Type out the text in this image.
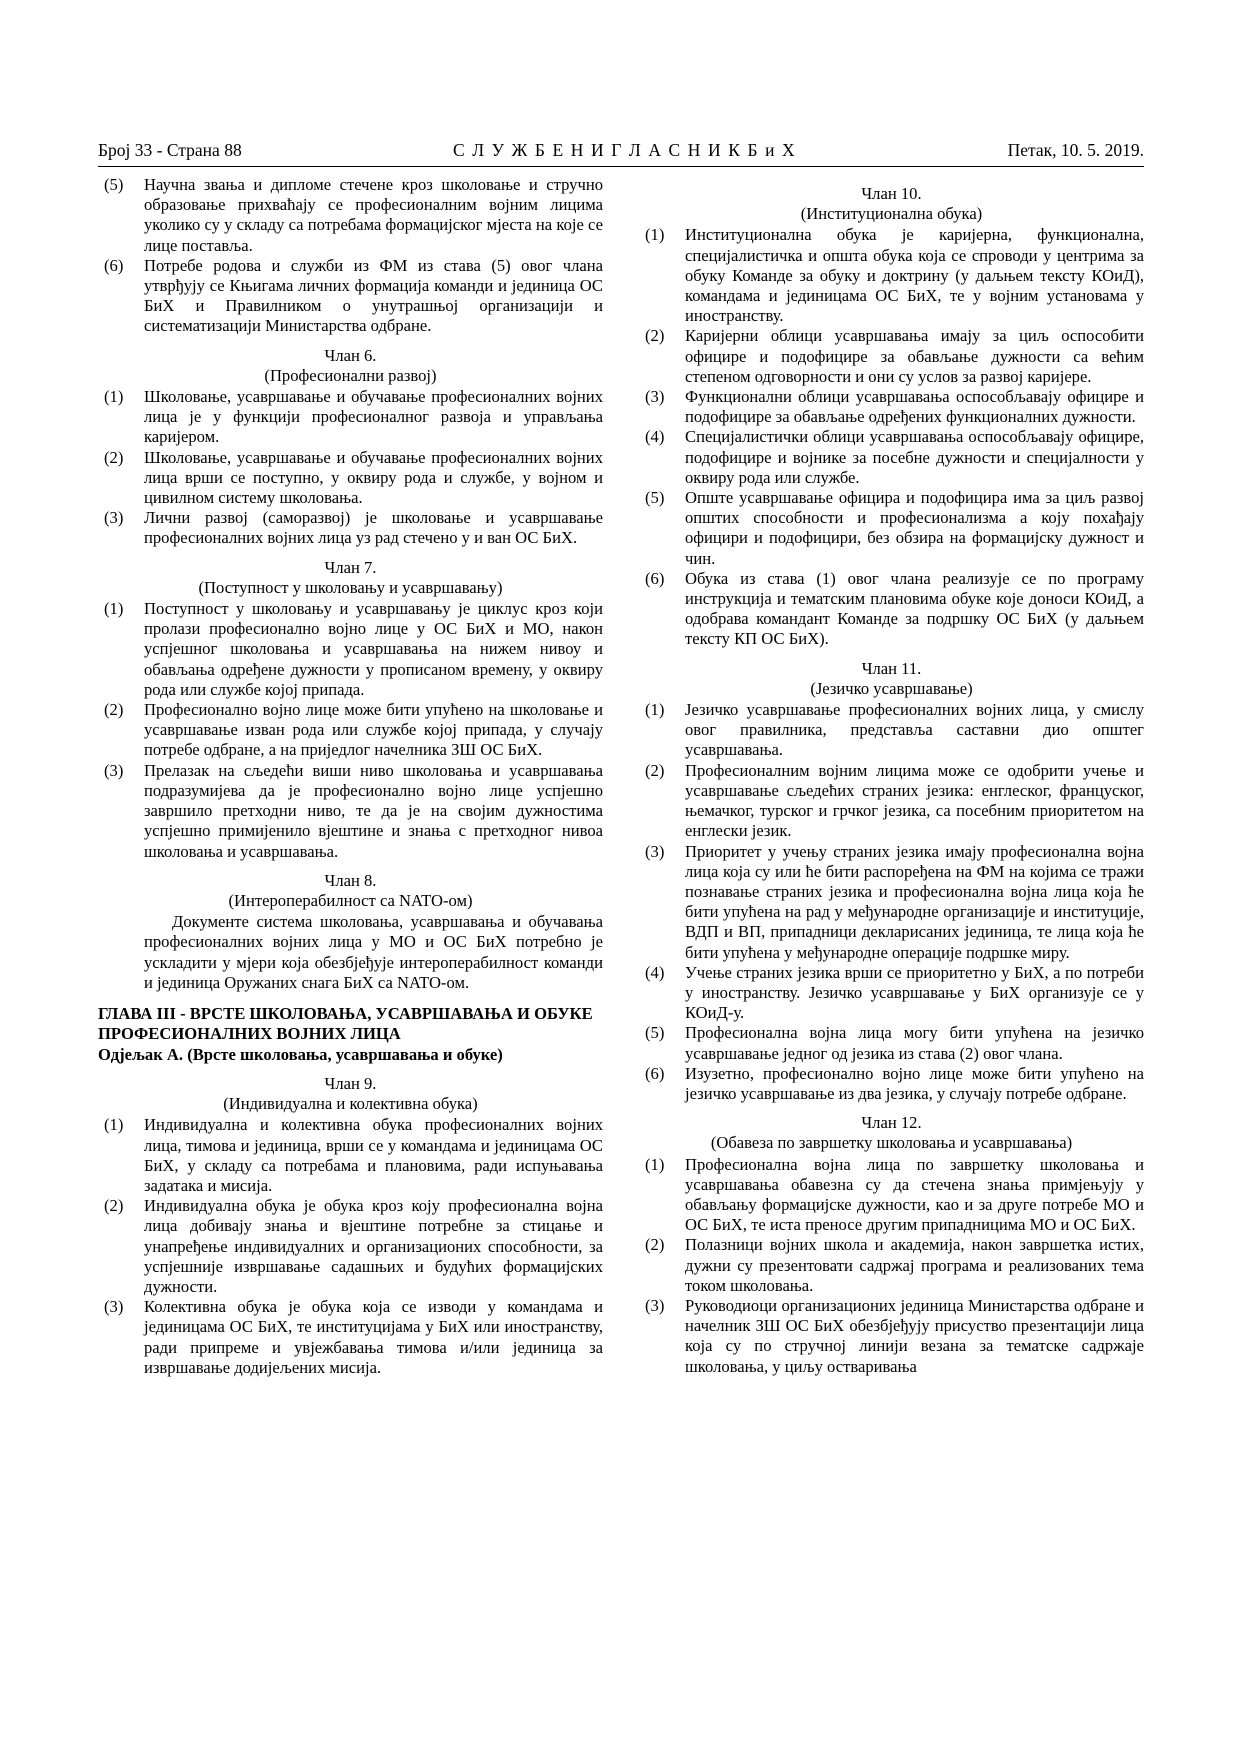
Број 33 - Страна 88	С Л У Ж Б Е Н И Г Л А С Н И К Б и Х	Петак, 10. 5. 2019.
(5)	Научна звања и дипломе стечене кроз школовање и стручно образовање прихваћају се професионалним војним лицима уколико су у складу са потребама формацијског мјеста на које се лице поставља.
(6)	Потребе родова и служби из ФМ из става (5) овог члана утврђују се Књигама личних формација команди и јединица ОС БиХ и Правилником о унутрашњој организацији и систематизацији Министарства одбране.
Члан 6.
(Професионални развој)
(1)	Школовање, усавршавање и обучавање професионалних војних лица је у функцији професионалног развоја и управљања каријером.
(2)	Школовање, усавршавање и обучавање професионалних војних лица врши се поступно, у оквиру рода и службе, у војном и цивилном систему школовања.
(3)	Лични развој (саморазвој) је школовање и усавршавање професионалних војних лица уз рад стечено у и ван ОС БиХ.
Члан 7.
(Поступност у школовању и усавршавању)
(1)	Поступност у школовању и усавршавању је циклус кроз који пролази професионално војно лице у ОС БиХ и МО, након успјешног школовања и усавршавања на нижем нивоу и обављања одређене дужности у прописаном времену, у оквиру рода или службе којој припада.
(2)	Професионално војно лице може бити упућено на школовање и усавршавање изван рода или службе којој припада, у случају потребе одбране, а на приједлог начелника ЗШ ОС БиХ.
(3)	Прелазак на сљедећи виши ниво школовања и усавршавања подразумијева да је професионално војно лице успјешно завршило претходни ниво, те да је на својим дужностима успјешно примијенило вјештине и знања с претходног нивоа школовања и усавршавања.
Члан 8.
(Интероперабилност са NATO-ом)
Документе система школовања, усавршавања и обучавања професионалних војних лица у МО и ОС БиХ потребно је ускладити у мјери која обезбјеђује интероперабилност команди и јединица Оружаних снага БиХ са NATO-ом.
ГЛАВА III - ВРСТЕ ШКОЛОВАЊА, УСАВРШАВАЊА И ОБУКЕ ПРОФЕСИОНАЛНИХ ВОЈНИХ ЛИЦА
Одјељак А. (Врсте школовања, усавршавања и обуке)
Члан 9.
(Индивидуална и колективна обука)
(1)	Индивидуална и колективна обука професионалних војних лица, тимова и јединица, врши се у командама и јединицама ОС БиХ, у складу са потребама и плановима, ради испуњавања задатака и мисија.
(2)	Индивидуална обука је обука кроз коју професионална војна лица добивају знања и вјештине потребне за стицање и унапређење индивидуалних и организационих способности, за успјешније извршавање садашњих и будућих формацијских дужности.
(3)	Колективна обука је обука која се изводи у командама и јединицама ОС БиХ, те институцијама у БиХ или иностранству, ради припреме и увјежбавања тимова и/или јединица за извршавање додијељених мисија.
Члан 10.
(Институционална обука)
(1)	Институционална обука је каријерна, функционална, специјалистичка и општа обука која се спроводи у центрима за обуку Команде за обуку и доктрину (у даљњем тексту КОиД), командама и јединицама ОС БиХ, те у војним установама у иностранству.
(2)	Каријерни облици усавршавања имају за циљ оспособити официре и подофицире за обављање дужности са већим степеном одговорности и они су услов за развој каријере.
(3)	Функционални облици усавршавања оспособљавају официре и подофицире за обављање одређених функционалних дужности.
(4)	Специјалистички облици усавршавања оспособљавају официре, подофицире и војнике за посебне дужности и специјалности у оквиру рода или службе.
(5)	Опште усавршавање официра и подофицира има за циљ развој општих способности и професионализма а коју похађају официри и подофицири, без обзира на формацијску дужност и чин.
(6)	Обука из става (1) овог члана реализује се по програму инструкција и тематским плановима обуке које доноси КОиД, а одобрава командант Команде за подршку ОС БиХ (у даљњем тексту КП ОС БиХ).
Члан 11.
(Језичко усавршавање)
(1)	Језичко усавршавање професионалних војних лица, у смислу овог правилника, представља саставни дио општег усавршавања.
(2)	Професионалним војним лицима може се одобрити учење и усавршавање сљедећих страних језика: енглеског, француског, њемачког, турског и грчког језика, са посебним приоритетом на енглески језик.
(3)	Приоритет у учењу страних језика имају професионална војна лица која су или ће бити распоређена на ФМ на којима се тражи познавање страних језика и професионална војна лица која ће бити упућена на рад у међународне организације и институције, ВДП и ВП, припадници декларисаних јединица, те лица која ће бити упућена у међународне операције подршке миру.
(4)	Учење страних језика врши се приоритетно у БиХ, а по потреби у иностранству. Језичко усавршавање у БиХ организује се у КОиД-у.
(5)	Професионална војна лица могу бити упућена на језичко усавршавање једног од језика из става (2) овог члана.
(6)	Изузетно, професионално војно лице може бити упућено на језичко усавршавање из два језика, у случају потребе одбране.
Члан 12.
(Обавеза по завршетку школовања и усавршавања)
(1)	Професионална војна лица по завршетку школовања и усавршавања обавезна су да стечена знања примјењују у обављању формацијске дужности, као и за друге потребе МО и ОС БиХ, те иста преносе другим припадницима МО и ОС БиХ.
(2)	Полазници војних школа и академија, након завршетка истих, дужни су презентовати садржај програма и реализованих тема током школовања.
(3)	Руководиоци организационих јединица Министарства одбране и начелник ЗШ ОС БиХ обезбјеђују присуство презентацији лица која су по стручној линији везана за тематске садржаје школовања, у циљу остваривања
